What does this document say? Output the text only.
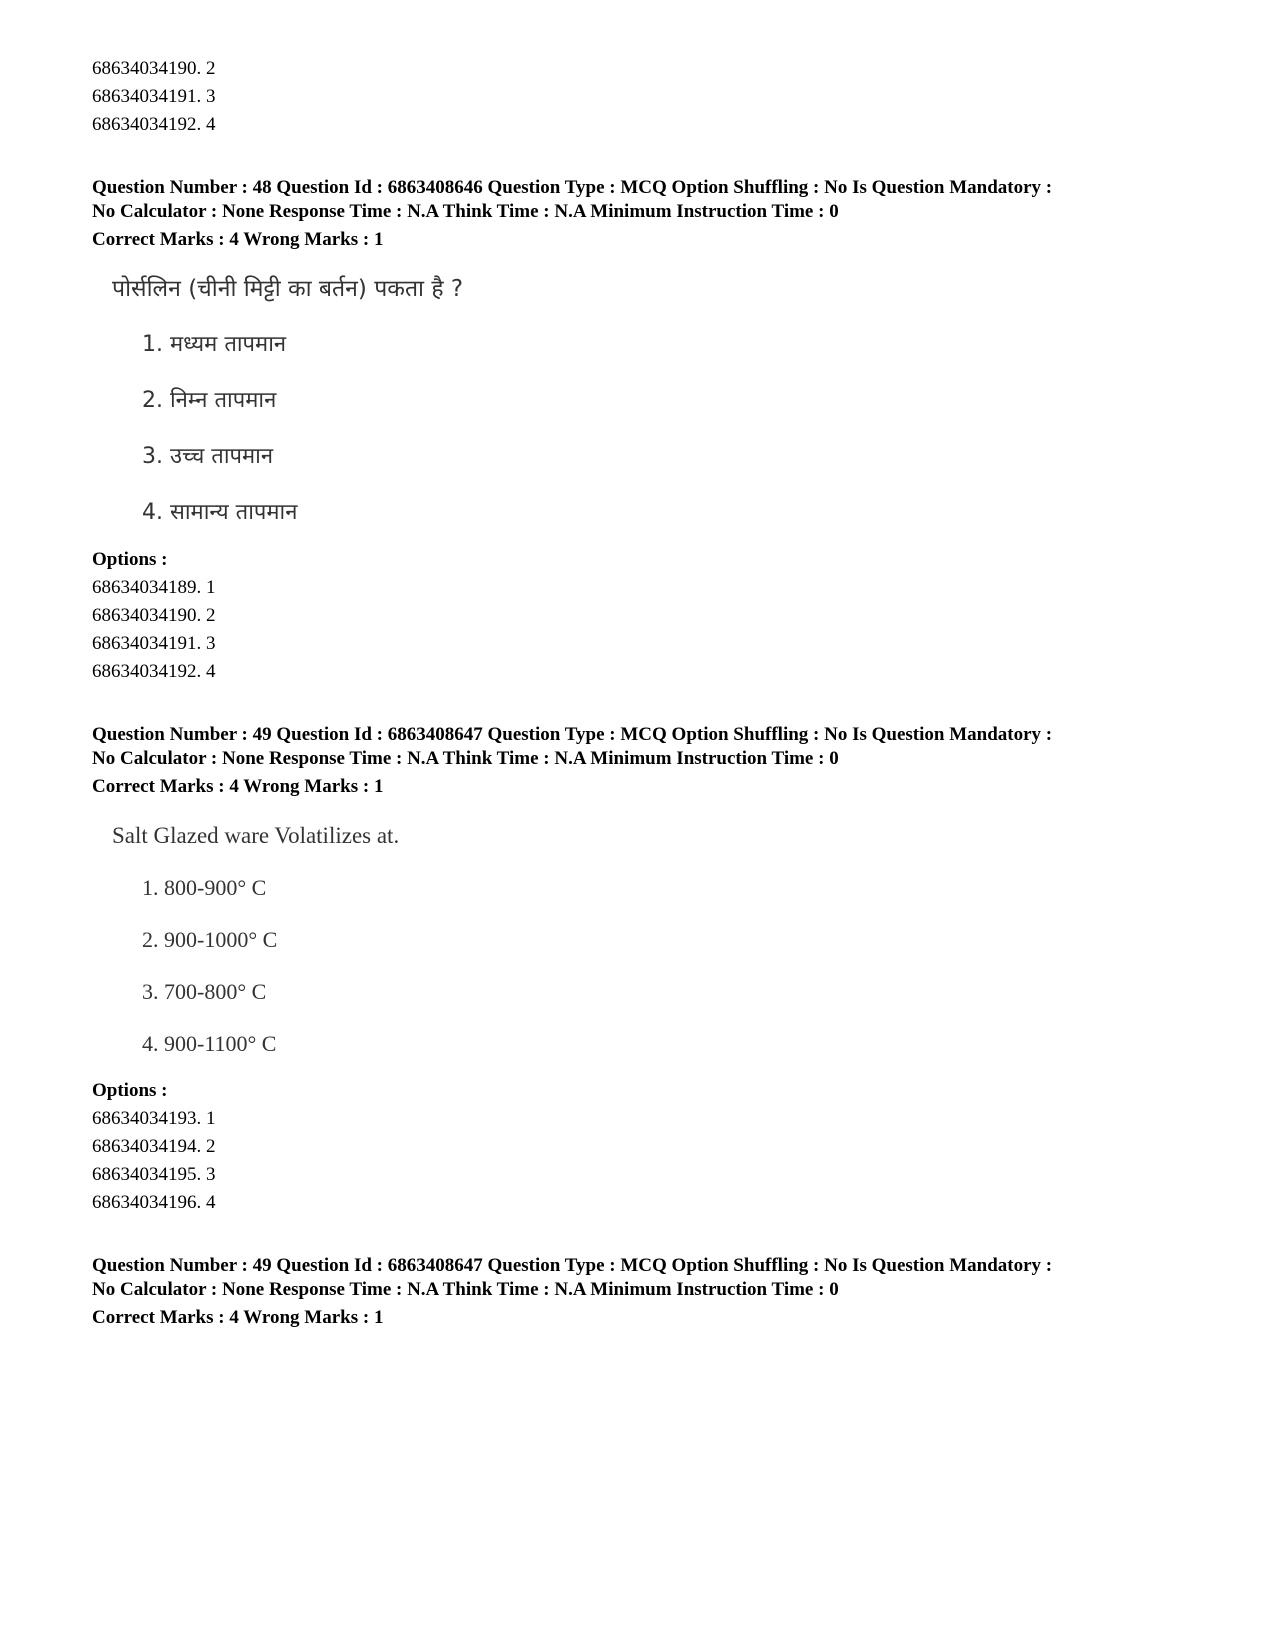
68634034190. 2
68634034191. 3
68634034192. 4
Question Number : 48 Question Id : 6863408646 Question Type : MCQ Option Shuffling : No Is Question Mandatory :
No Calculator : None Response Time : N.A Think Time : N.A Minimum Instruction Time : 0
Correct Marks : 4 Wrong Marks : 1
पोर्सलिन (चीनी मिट्टी का बर्तन) पकता है ?
1. मध्यम तापमान
2. निम्न तापमान
3. उच्च तापमान
4. सामान्य तापमान
Options :
68634034189. 1
68634034190. 2
68634034191. 3
68634034192. 4
Question Number : 49 Question Id : 6863408647 Question Type : MCQ Option Shuffling : No Is Question Mandatory :
No Calculator : None Response Time : N.A Think Time : N.A Minimum Instruction Time : 0
Correct Marks : 4 Wrong Marks : 1
Salt Glazed ware Volatilizes at.
1. 800-900° C
2. 900-1000° C
3. 700-800° C
4. 900-1100° C
Options :
68634034193. 1
68634034194. 2
68634034195. 3
68634034196. 4
Question Number : 49 Question Id : 6863408647 Question Type : MCQ Option Shuffling : No Is Question Mandatory :
No Calculator : None Response Time : N.A Think Time : N.A Minimum Instruction Time : 0
Correct Marks : 4 Wrong Marks : 1
